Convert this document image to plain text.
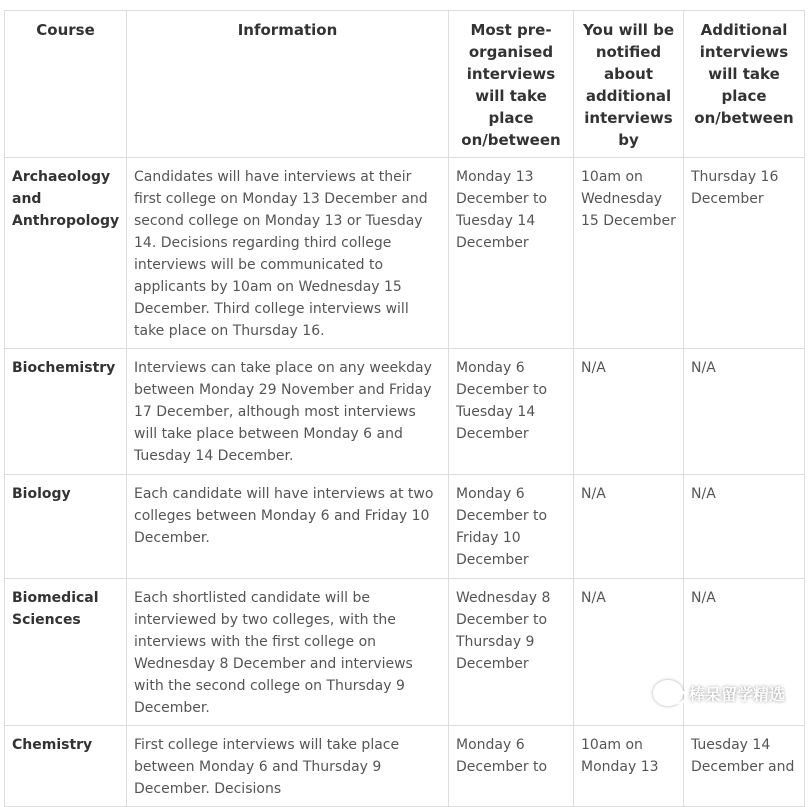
Course	Information	Most pre-organised interviews will take place on/between	You will be notified about additional interviews by	Additional interviews will take place on/between
Archaeology and Anthropology	Candidates will have interviews at their first college on Monday 13 December and second college on Monday 13 or Tuesday 14. Decisions regarding third college interviews will be communicated to applicants by 10am on Wednesday 15 December. Third college interviews will take place on Thursday 16.	Monday 13 December to Tuesday 14 December	10am on Wednesday 15 December	Thursday 16 December
Biochemistry	Interviews can take place on any weekday between Monday 29 November and Friday 17 December, although most interviews will take place between Monday 6 and Tuesday 14 December.	Monday 6 December to Tuesday 14 December	N/A	N/A
Biology	Each candidate will have interviews at two colleges between Monday 6 and Friday 10 December.	Monday 6 December to Friday 10 December	N/A	N/A
Biomedical Sciences	Each shortlisted candidate will be interviewed by two colleges, with the interviews with the first college on Wednesday 8 December and interviews with the second college on Thursday 9 December.	Wednesday 8 December to Thursday 9 December	N/A	N/A
Chemistry	First college interviews will take place between Monday 6 and Thursday 9 December. Decisions	Monday 6 December to	10am on Monday 13	Tuesday 14 December and
棒呆留学精选
